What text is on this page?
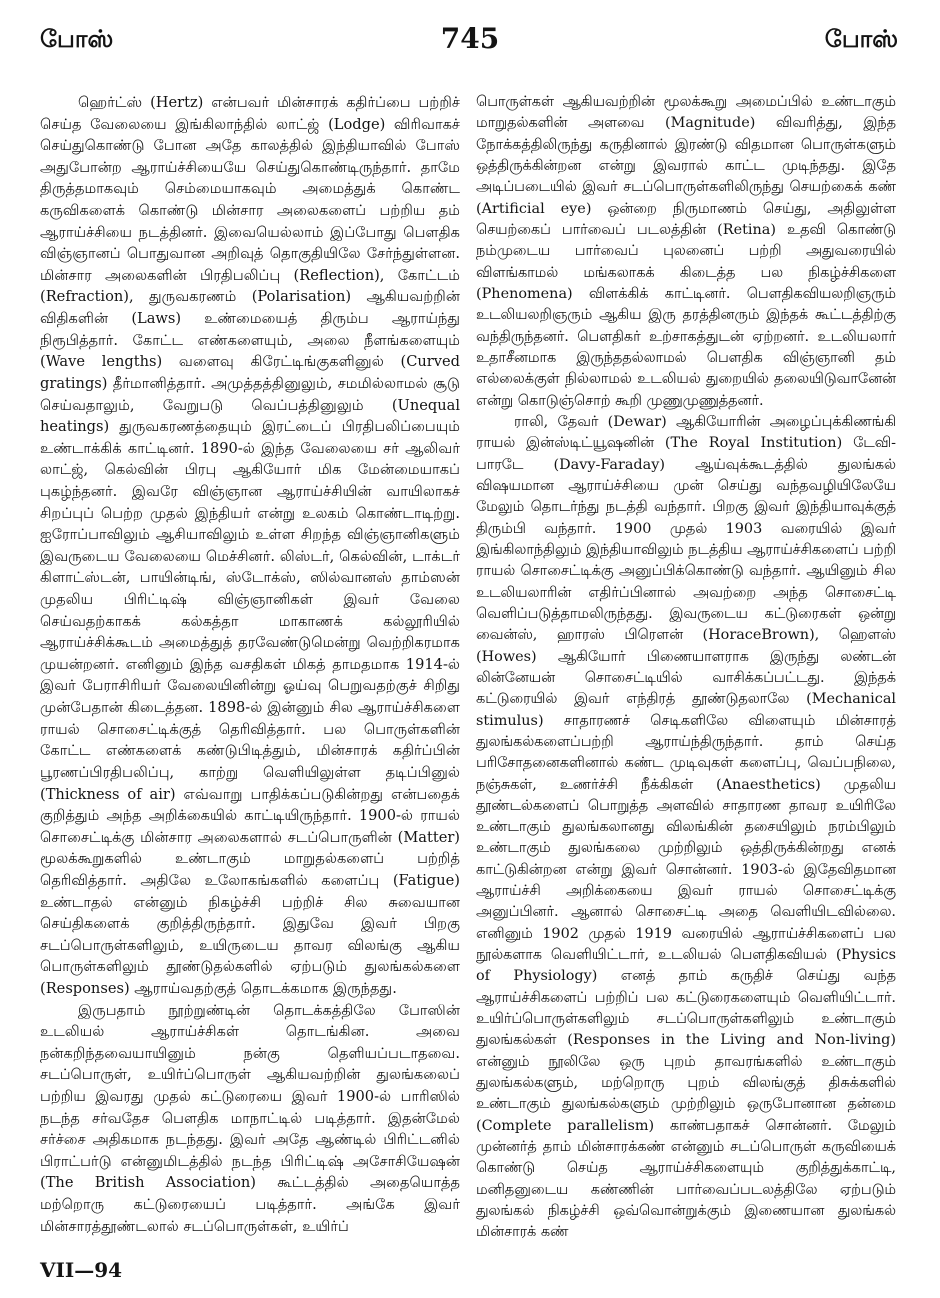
போஸ்	745	போஸ்

ஹெர்ட்ஸ் (Hertz) என்பவர் மின்சாரக் கதிர்ப்பை பற்றிச் செய்த வேலையை இங்கிலாந்தில் லாட்ஜ் (Lodge) விரிவாகச் செய்துகொண்டு போன அதே காலத்தில் இந்தியாவில் போஸ் அதுபோன்ற ஆராய்ச்சியையே செய்துகொண்டிருந்தார். தாமே திருத்தமாகவும் செம்மையாகவும் அமைத்துக் கொண்ட கருவிகளைக் கொண்டு மின்சார அலைகளைப் பற்றிய தம் ஆராய்ச்சியை நடத்தினர். இவையெல்லாம் இப்போது பௌதிக விஞ்ஞானப் பொதுவான அறிவுத் தொகுதியிலே சேர்ந்துள்ளன. மின்சார அலைகளின் பிரதிபலிப்பு (Reflection), கோட்டம் (Refraction), துருவகரணம் (Polarisation) ஆகியவற்றின் விதிகளின் (Laws) உண்மையைத் திரும்ப ஆராய்ந்து நிரூபித்தார். கோட்ட எண்களையும், அலை நீளங்களையும் (Wave lengths) வளைவு கிரேட்டிங்குகளினுல் (Curved gratings) தீர்மானித்தார். அமுத்தத்தினுலும், சமமில்லாமல் சூடு செய்வதாலும், வேறுபடு வெப்பத்தினுலும் (Unequal heatings) துருவகரணத்தையும் இரட்டைப் பிரதிபலிப்பையும் உண்டாக்கிக் காட்டினர். 1890-ல் இந்த வேலையை சர் ஆலிவர் லாட்ஜ், கெல்வின் பிரபு ஆகியோர் மிக மேன்மையாகப் புகழ்ந்தனர். இவரே விஞ்ஞான ஆராய்ச்சியின் வாயிலாகச் சிறப்புப் பெற்ற முதல் இந்தியர் என்று உலகம் கொண்டாடிற்று. ஐரோப்பாவிலும் ஆசியாவிலும் உள்ள சிறந்த விஞ்ஞானிகளும் இவருடைய வேலையை மெச்சினர். லிஸ்டர், கெல்வின், டாக்டர் கிளாட்ஸ்டன், பாயின்டிங், ஸ்டோக்ஸ், ஸில்வானஸ் தாம்ஸன் முதலிய பிரிட்டிஷ் விஞ்ஞானிகள் இவர் வேலை செய்வதற்காகக் கல்கத்தா மாகாணக் கல்லூரியில் ஆராய்ச்சிக்கூடம் அமைத்துத் தரவேண்டுமென்று வெற்றிகரமாக முயன்றனர். எனினும் இந்த வசதிகள் மிகத் தாமதமாக 1914-ல் இவர் பேராசிரியர் வேலையினின்று ஓய்வு பெறுவதற்குச் சிறிது முன்பேதான் கிடைத்தன. 1898-ல் இன்னும் சில ஆராய்ச்சிகளை ராயல் சொசைட்டிக்குத் தெரிவித்தார். பல பொருள்களின் கோட்ட எண்களைக் கண்டுபிடித்தும், மின்சாரக் கதிர்ப்பின் பூரணப்பிரதிபலிப்பு, காற்று வெளியிலுள்ள தடிப்பினுல் (Thickness of air) எவ்வாறு பாதிக்கப்படுகின்றது என்பதைக் குறித்தும் அந்த அறிக்கையில் காட்டியிருந்தார். 1900-ல் ராயல் சொசைட்டிக்கு மின்சார அலைகளால் சடப்பொருளின் (Matter) மூலக்கூறுகளில் உண்டாகும் மாறுதல்களைப் பற்றித் தெரிவித்தார். அதிலே உலோகங்களில் களைப்பு (Fatigue) உண்டாதல் என்னும் நிகழ்ச்சி பற்றிச் சில சுவையான செய்திகளைக் குறித்திருந்தார். இதுவே இவர் பிறகு சடப்பொருள்களிலும், உயிருடைய தாவர விலங்கு ஆகிய பொருள்களிலும் தூண்டுதல்களில் ஏற்படும் துலங்கல்களை (Responses) ஆராய்வதற்குத் தொடக்கமாக இருந்தது.

இருபதாம் நூற்றுண்டின் தொடக்கத்திலே போஸின் உடலியல் ஆராய்ச்சிகள் தொடங்கின. அவை நன்கறிந்தவையாயினும் நன்கு தெளியப்படாதவை. சடப்பொருள், உயிர்ப்பொருள் ஆகியவற்றின் துலங்கலைப் பற்றிய இவரது முதல் கட்டுரையை இவர் 1900-ல் பாரிஸில் நடந்த சர்வதேச பௌதிக மாநாட்டில் படித்தார். இதன்மேல் சர்ச்சை அதிகமாக நடந்தது. இவர் அதே ஆண்டில் பிரிட்டனில் பிராட்பர்டு என்னுமிடத்தில் நடந்த பிரிட்டிஷ் அசோசியேஷன் (The British Association) கூட்டத்தில் அதையொத்த மற்றொரு கட்டுரையைப் படித்தார். அங்கே இவர் மின்சாரத்தூண்டலால் சடப்பொருள்கள், உயிர்ப்

பொருள்கள் ஆகியவற்றின் மூலக்கூறு அமைப்பில் உண்டாகும் மாறுதல்களின் அளவை (Magnitude) விவரித்து, இந்த நோக்கத்திலிருந்து கருதினால் இரண்டு விதமான பொருள்களும் ஒத்திருக்கின்றன என்று இவரால் காட்ட முடிந்தது. இதே அடிப்படையில் இவர் சடப்பொருள்களிலிருந்து செயற்கைக் கண் (Artificial eye) ஒன்றை நிருமாணம் செய்து, அதிலுள்ள செயற்கைப் பார்வைப் படலத்தின் (Retina) உதவி கொண்டு நம்முடைய பார்வைப் புலனைப் பற்றி அதுவரையில் விளங்காமல் மங்கலாகக் கிடைத்த பல நிகழ்ச்சிகளை (Phenomena) விளக்கிக் காட்டினர். பௌதிகவியலறிஞரும் உடலியலறிஞரும் ஆகிய இரு தரத்தினரும் இந்தக் கூட்டத்திற்கு வந்திருந்தனர். பௌதிகர் உற்சாகத்துடன் ஏற்றனர். உடலியலார் உதாசீனமாக இருந்ததல்லாமல் பௌதிக விஞ்ஞானி தம் எல்லைக்குள் நில்லாமல் உடலியல் துறையில் தலையிடுவானேன் என்று கொடுஞ்சொற் கூறி முணுமுணுத்தனர்.

ராலி, தேவர் (Dewar) ஆகியோரின் அழைப்புக்கிணங்கி ராயல் இன்ஸ்டிட்யூஷனின் (The Royal Institution) டேவி-பாரடே (Davy-Faraday) ஆய்வுக்கூடத்தில் துலங்கல் விஷயமான ஆராய்ச்சியை முன் செய்து வந்தவழியிலேயே மேலும் தொடர்ந்து நடத்தி வந்தார். பிறகு இவர் இந்தியாவுக்குத் திரும்பி வந்தார். 1900 முதல் 1903 வரையில் இவர் இங்கிலாந்திலும் இந்தியாவிலும் நடத்திய ஆராய்ச்சிகளைப் பற்றி ராயல் சொசைட்டிக்கு அனுப்பிக்கொண்டு வந்தார். ஆயினும் சில உடலியலாரின் எதிர்ப்பினால் அவற்றை அந்த சொசைட்டி வெளிப்படுத்தாமலிருந்தது. இவருடைய கட்டுரைகள் ஒன்று வைன்ஸ், ஹாரஸ் பிரௌன் (HoraceBrown), ஹௌஸ் (Howes) ஆகியோர் பிணையாளராக இருந்து லண்டன் லின்னேயன் சொசைட்டியில் வாசிக்கப்பட்டது. இந்தக் கட்டுரையில் இவர் எந்திரத் தூண்டுதலாலே (Mechanical stimulus) சாதாரணச் செடிகளிலே விளையும் மின்சாரத் துலங்கல்களைப்பற்றி ஆராய்ந்திருந்தார். தாம் செய்த பரிசோதனைகளினால் கண்ட முடிவுகள் களைப்பு, வெப்பநிலை, நஞ்சுகள், உணர்ச்சி நீக்கிகள் (Anaesthetics) முதலிய தூண்டல்களைப் பொறுத்த அளவில் சாதாரண தாவர உயிரிலே உண்டாகும் துலங்கலானது விலங்கின் தசையிலும் நரம்பிலும் உண்டாகும் துலங்கலை முற்றிலும் ஒத்திருக்கின்றது எனக் காட்டுகின்றன என்று இவர் சொன்னர். 1903-ல் இதேவிதமான ஆராய்ச்சி அறிக்கையை இவர் ராயல் சொசைட்டிக்கு அனுப்பினர். ஆனால் சொசைட்டி அதை வெளியிடவில்லை. எனினும் 1902 முதல் 1919 வரையில் ஆராய்ச்சிகளைப் பல நூல்களாக வெளியிட்டார், உடலியல் பௌதிகவியல் (Physics of Physiology) எனத் தாம் கருதிச் செய்து வந்த ஆராய்ச்சிகளைப் பற்றிப் பல கட்டுரைகளையும் வெளியிட்டார். உயிர்ப்பொருள்களிலும் சடப்பொருள்களிலும் உண்டாகும் துலங்கல்கள் (Responses in the Living and Non-living) என்னும் நூலிலே ஒரு புறம் தாவரங்களில் உண்டாகும் துலங்கல்களும், மற்றொரு புறம் விலங்குத் திசுக்களில் உண்டாகும் துலங்கல்களும் முற்றிலும் ஒருபோனான தன்மை (Complete parallelism) காண்பதாகச் சொன்னர். மேலும் முன்னர்த் தாம் மின்சாரக்கண் என்னும் சடப்பொருள் கருவியைக் கொண்டு செய்த ஆராய்ச்சிகளையும் குறித்துக்காட்டி, மனிதனுடைய கண்ணின் பார்வைப்படலத்திலே ஏற்படும் துலங்கல் நிகழ்ச்சி ஒவ்வொன்றுக்கும் இணையான துலங்கல் மின்சாரக் கண்

VII—94
